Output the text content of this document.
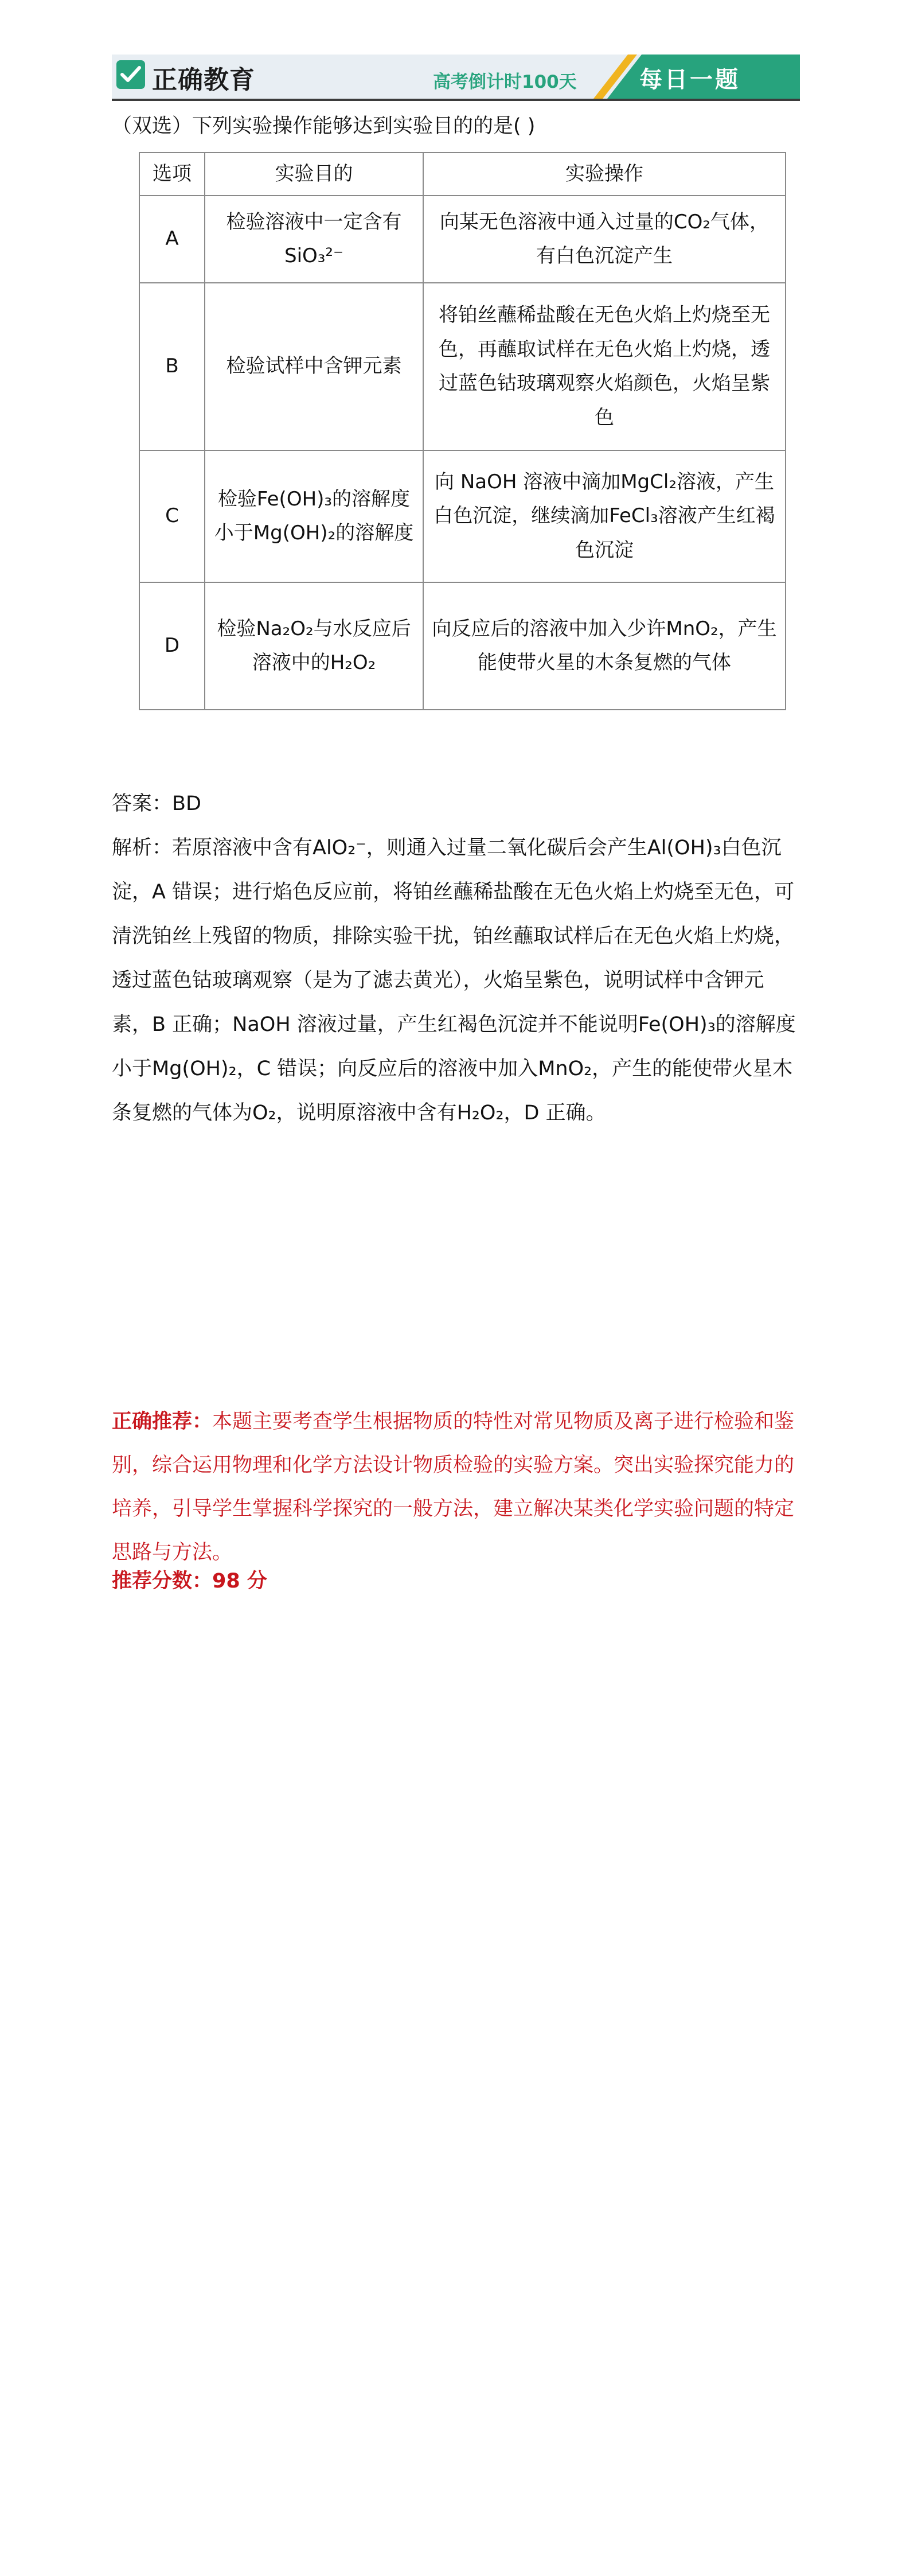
正确教育	高考倒计时100天	每日一题
（双选）下列实验操作能够达到实验目的的是( )
选项	实验目的	实验操作
A	检验溶液中一定含有 SiO₃²⁻	向某无色溶液中通入过量的CO₂气体，有白色沉淀产生
B	检验试样中含钾元素	将铂丝蘸稀盐酸在无色火焰上灼烧至无色，再蘸取试样在无色火焰上灼烧，透过蓝色钴玻璃观察火焰颜色，火焰呈紫色
C	检验Fe(OH)₃的溶解度小于Mg(OH)₂的溶解度	向 NaOH 溶液中滴加MgCl₂溶液，产生白色沉淀，继续滴加FeCl₃溶液产生红褐色沉淀
D	检验Na₂O₂与水反应后溶液中的H₂O₂	向反应后的溶液中加入少许MnO₂，产生能使带火星的木条复燃的气体
答案：BD
解析：若原溶液中含有AlO₂⁻，则通入过量二氧化碳后会产生Al(OH)₃白色沉淀，A 错误；进行焰色反应前，将铂丝蘸稀盐酸在无色火焰上灼烧至无色，可清洗铂丝上残留的物质，排除实验干扰，铂丝蘸取试样后在无色火焰上灼烧，透过蓝色钴玻璃观察（是为了滤去黄光），火焰呈紫色，说明试样中含钾元素，B 正确；NaOH 溶液过量，产生红褐色沉淀并不能说明Fe(OH)₃的溶解度小于Mg(OH)₂，C 错误；向反应后的溶液中加入MnO₂，产生的能使带火星木条复燃的气体为O₂，说明原溶液中含有H₂O₂，D 正确。
正确推荐：本题主要考查学生根据物质的特性对常见物质及离子进行检验和鉴别，综合运用物理和化学方法设计物质检验的实验方案。突出实验探究能力的培养，引导学生掌握科学探究的一般方法，建立解决某类化学实验问题的特定思路与方法。
推荐分数：98 分
